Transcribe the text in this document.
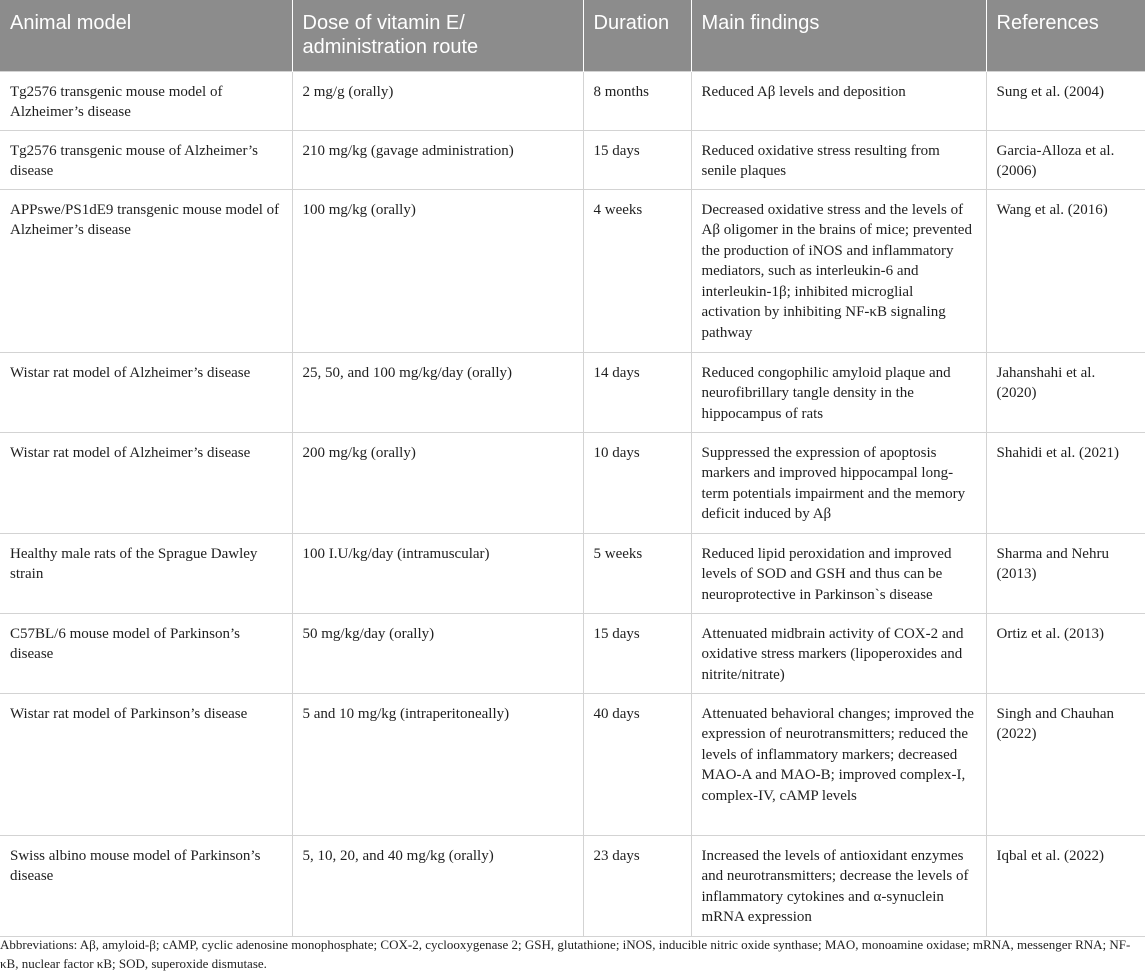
Animal model	Dose of vitamin E/ administration route	Duration	Main findings	References
Tg2576 transgenic mouse model of Alzheimer’s disease	2 mg/g (orally)	8 months	Reduced Aβ levels and deposition	Sung et al. (2004)
Tg2576 transgenic mouse of Alzheimer’s disease	210 mg/kg (gavage administration)	15 days	Reduced oxidative stress resulting from senile plaques	Garcia-Alloza et al. (2006)
APPswe/PS1dE9 transgenic mouse model of Alzheimer’s disease	100 mg/kg (orally)	4 weeks	Decreased oxidative stress and the levels of Aβ oligomer in the brains of mice; prevented the production of iNOS and inflammatory mediators, such as interleukin-6 and interleukin-1β; inhibited microglial activation by inhibiting NF-κB signaling pathway	Wang et al. (2016)
Wistar rat model of Alzheimer’s disease	25, 50, and 100 mg/kg/day (orally)	14 days	Reduced congophilic amyloid plaque and neurofibrillary tangle density in the hippocampus of rats	Jahanshahi et al. (2020)
Wistar rat model of Alzheimer’s disease	200 mg/kg (orally)	10 days	Suppressed the expression of apoptosis markers and improved hippocampal long-term potentials impairment and the memory deficit induced by Aβ	Shahidi et al. (2021)
Healthy male rats of the Sprague Dawley strain	100 I.U/kg/day (intramuscular)	5 weeks	Reduced lipid peroxidation and improved levels of SOD and GSH and thus can be neuroprotective in Parkinson`s disease	Sharma and Nehru (2013)
C57BL/6 mouse model of Parkinson’s disease	50 mg/kg/day (orally)	15 days	Attenuated midbrain activity of COX-2 and oxidative stress markers (lipoperoxides and nitrite/nitrate)	Ortiz et al. (2013)
Wistar rat model of Parkinson’s disease	5 and 10 mg/kg (intraperitoneally)	40 days	Attenuated behavioral changes; improved the expression of neurotransmitters; reduced the levels of inflammatory markers; decreased MAO-A and MAO-B; improved complex-I, complex-IV, cAMP levels	Singh and Chauhan (2022)
Swiss albino mouse model of Parkinson’s disease	5, 10, 20, and 40 mg/kg (orally)	23 days	Increased the levels of antioxidant enzymes and neurotransmitters; decrease the levels of inflammatory cytokines and α-synuclein mRNA expression	Iqbal et al. (2022)
Abbreviations: Aβ, amyloid-β; cAMP, cyclic adenosine monophosphate; COX-2, cyclooxygenase 2; GSH, glutathione; iNOS, inducible nitric oxide synthase; MAO, monoamine oxidase; mRNA, messenger RNA; NF-κB, nuclear factor κB; SOD, superoxide dismutase.
